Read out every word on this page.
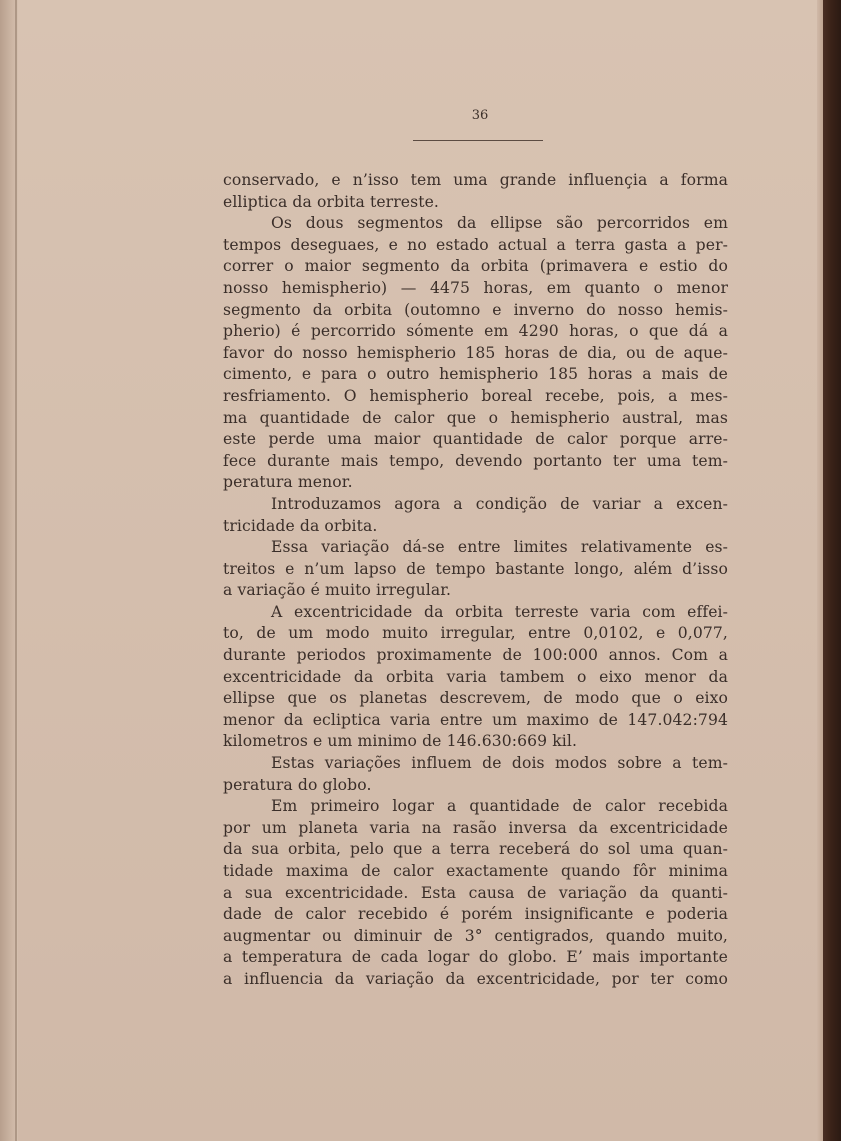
36
conservado, e n’isso tem uma grande influençia a forma
elliptica da orbita terreste.
Os dous segmentos da ellipse são percorridos em
tempos deseguaes, e no estado actual a terra gasta a per-
correr o maior segmento da orbita (primavera e estio do
nosso hemispherio) — 4475 horas, em quanto o menor
segmento da orbita (outomno e inverno do nosso hemis-
pherio) é percorrido sómente em 4290 horas, o que dá a
favor do nosso hemispherio 185 horas de dia, ou de aque-
cimento, e para o outro hemispherio 185 horas a mais de
resfriamento. O hemispherio boreal recebe, pois, a mes-
ma quantidade de calor que o hemispherio austral, mas
este perde uma maior quantidade de calor porque arre-
fece durante mais tempo, devendo portanto ter uma tem-
peratura menor.
Introduzamos agora a condição de variar a excen-
tricidade da orbita.
Essa variação dá-se entre limites relativamente es-
treitos e n’um lapso de tempo bastante longo, além d’isso
a variação é muito irregular.
A excentricidade da orbita terreste varia com effei-
to, de um modo muito irregular, entre 0,0102, e 0,077,
durante periodos proximamente de 100:000 annos. Com a
excentricidade da orbita varia tambem o eixo menor da
ellipse que os planetas descrevem, de modo que o eixo
menor da ecliptica varia entre um maximo de 147.042:794
kilometros e um minimo de 146.630:669 kil.
Estas variações influem de dois modos sobre a tem-
peratura do globo.
Em primeiro logar a quantidade de calor recebida
por um planeta varia na rasão inversa da excentricidade
da sua orbita, pelo que a terra receberá do sol uma quan-
tidade maxima de calor exactamente quando fôr minima
a sua excentricidade. Esta causa de variação da quanti-
dade de calor recebido é porém insignificante e poderia
augmentar ou diminuir de 3° centigrados, quando muito,
a temperatura de cada logar do globo. E’ mais importante
a influencia da variação da excentricidade, por ter como
